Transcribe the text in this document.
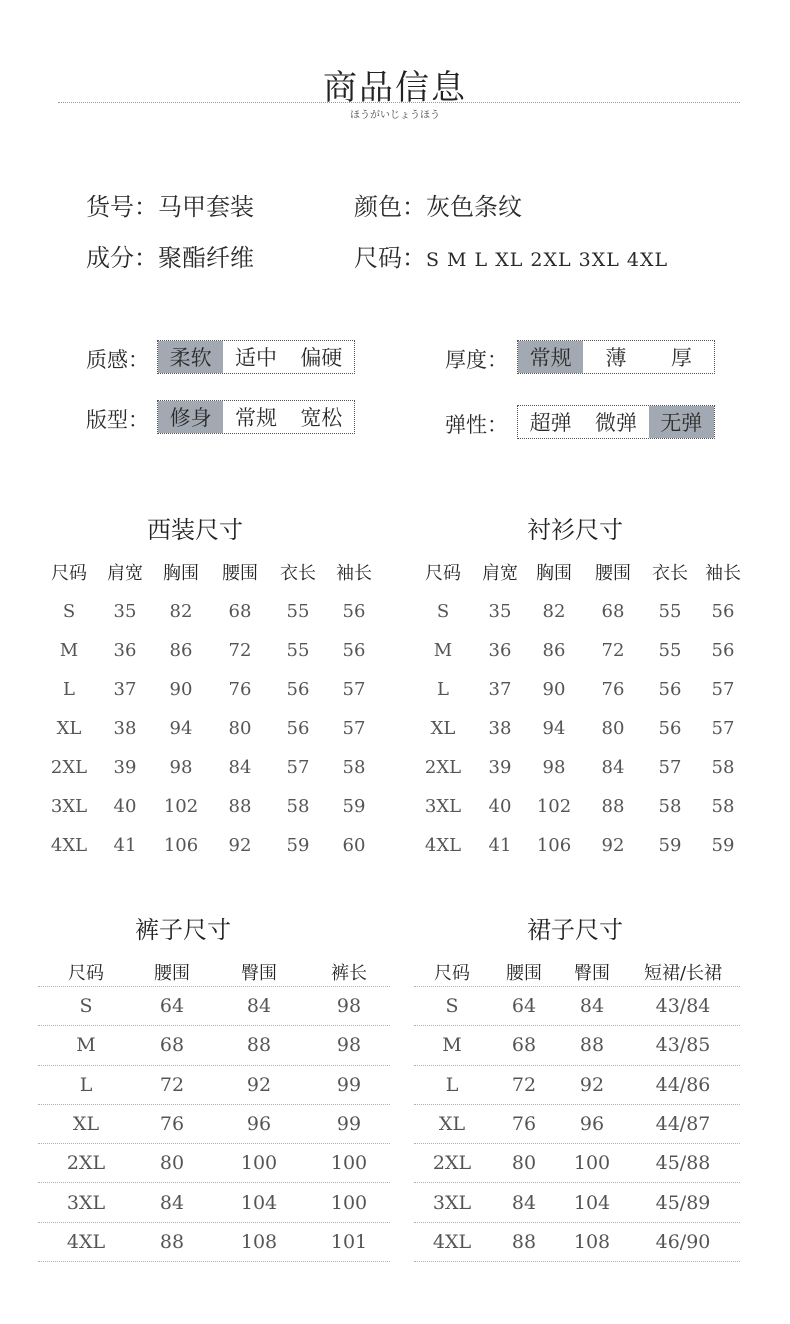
商品信息
ほうがいじょうほう
货号：马甲套装	颜色：灰色条纹
成分：聚酯纤维	尺码：S M L XL 2XL 3XL 4XL
质感： 柔软	适中	偏硬	厚度：	常规	薄	厚
版型： 修身	常规	宽松	弹性：	超弹	微弹	无弹
西装尺寸
尺码	肩宽	胸围	腰围	衣长	袖长
S	35	82	68	55	56
M	36	86	72	55	56
L	37	90	76	56	57
XL	38	94	80	56	57
2XL	39	98	84	57	58
3XL	40	102	88	58	59
4XL	41	106	92	59	60
衬衫尺寸
尺码	肩宽	胸围	腰围	衣长 袖长
S	35	82	68	55	56
M	36	86	72	55	56
L	37	90	76	56	57
XL	38	94	80	56	57
2XL	39	98	84	57	58
3XL	40	102	88	58	58
4XL	41	106	92	59	59
裤子尺寸
尺码	腰围	臀围	裤长
S	64	84	98
M	68	88	98
L	72	92	99
XL	76	96	99
2XL	80	100	100
3XL	84	104	100
4XL	88	108	101
裙子尺寸
尺码	腰围	臀围	短裙/长裙
S	64	84	43/84
M	68	88	43/85
L	72	92	44/86
XL	76	96	44/87
2XL	80	100	45/88
3XL	84	104	45/89
4XL	88	108	46/90
